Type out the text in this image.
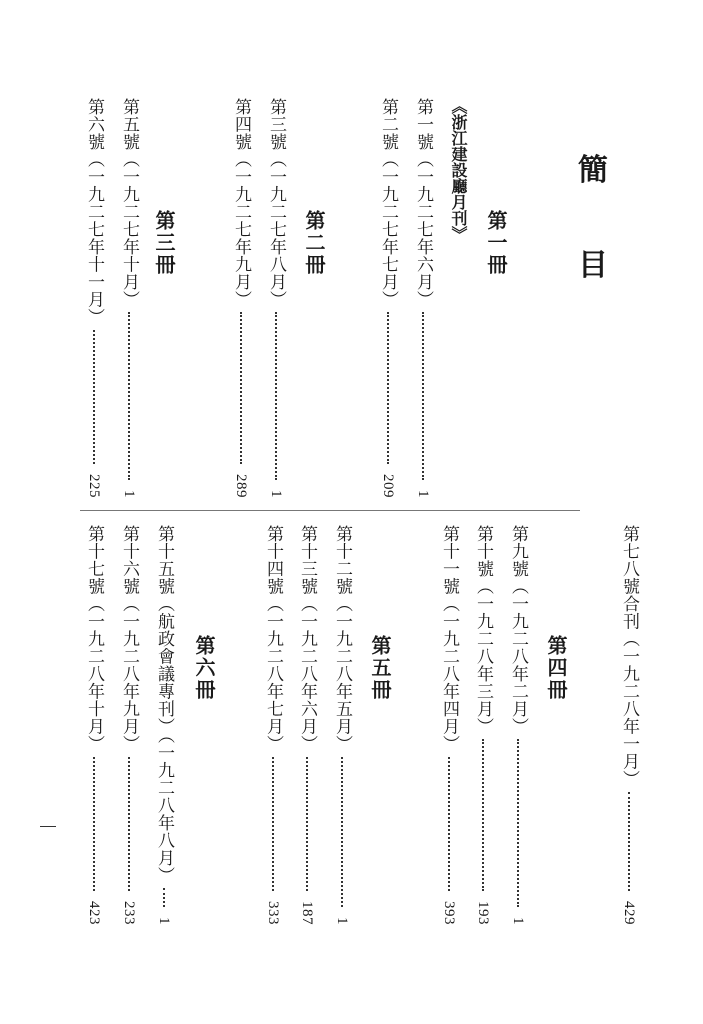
簡
目
第一冊
《浙江建設廳月刊》
第一號（一九二七年六月）
1
第二號（一九二七年七月）
209
第二冊
第三號（一九二七年八月）
1
第四號（一九二七年九月）
289
第三冊
第五號（一九二七年十月）
1
第六號（一九二七年十一月）
225
第七八號合刊（一九二八年一月）
429
第四冊
第九號（一九二八年二月）
1
第十號（一九二八年三月）
193
第十一號（一九二八年四月）
393
第五冊
第十二號（一九二八年五月）
1
第十三號（一九二八年六月）
187
第十四號（一九二八年七月）
333
第六冊
第十五號（航政會議專刊）（一九二八年八月）
1
第十六號（一九二八年九月）
233
第十七號（一九二八年十月）
423
